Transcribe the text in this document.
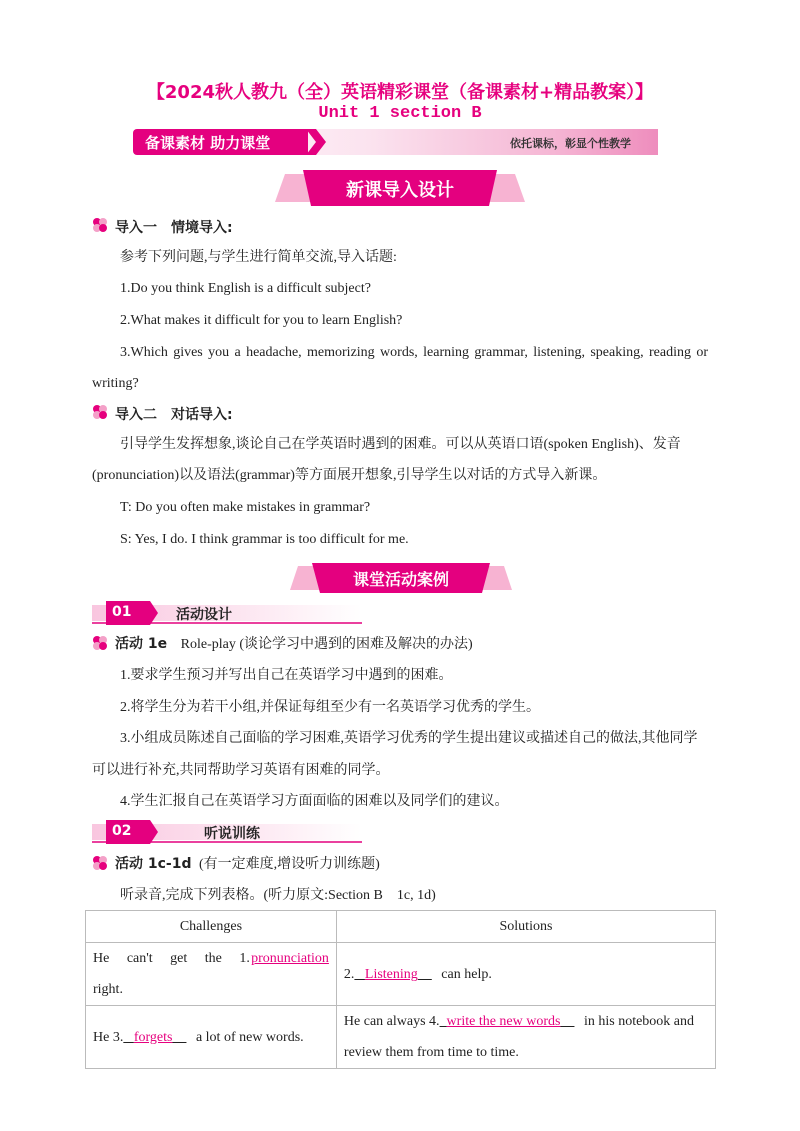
【2024秋人教九（全）英语精彩课堂（备课素材+精品教案）】
Unit 1 section B
备课素材 助力课堂	依托课标，彰显个性教学
新课导入设计
导入一　情境导入:
参考下列问题,与学生进行简单交流,导入话题:
1.Do you think English is a difficult subject?
2.What makes it difficult for you to learn English?
3.Which gives you a headache, memorizing words, learning grammar, listening, speaking, reading or
writing?
导入二　对话导入:
引导学生发挥想象,谈论自己在学英语时遇到的困难。可以从英语口语(spoken English)、发音
(pronunciation)以及语法(grammar)等方面展开想象,引导学生以对话的方式导入新课。
T: Do you often make mistakes in grammar?
S: Yes, I do. I think grammar is too difficult for me.
课堂活动案例
01	活动设计
活动 1e Role-play (谈论学习中遇到的困难及解决的办法)
1.要求学生预习并写出自己在英语学习中遇到的困难。
2.将学生分为若干小组,并保证每组至少有一名英语学习优秀的学生。
3.小组成员陈述自己面临的学习困难,英语学习优秀的学生提出建议或描述自己的做法,其他同学
可以进行补充,共同帮助学习英语有困难的同学。
4.学生汇报自己在英语学习方面面临的困难以及同学们的建议。
02	听说训练
活动 1c-1d (有一定难度,增设听力训练题)
听录音,完成下列表格。(听力原文:Section B　1c, 1d)
Challenges	Solutions

He can't get the 1. pronunciation
right.	2. Listening can help.
He 3. forgets a lot of new words.	He can always 4. write the new words in his notebook and
review them from time to time.
